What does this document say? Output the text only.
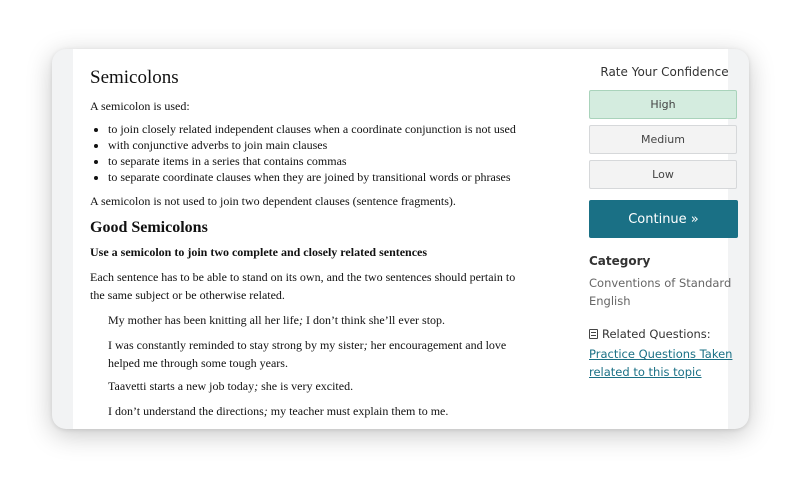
Semicolons

A semicolon is used:

• to join closely related independent clauses when a coordinate conjunction is not used
• with conjunctive adverbs to join main clauses
• to separate items in a series that contains commas
• to separate coordinate clauses when they are joined by transitional words or phrases

A semicolon is not used to join two dependent clauses (sentence fragments).

Good Semicolons
Use a semicolon to join two complete and closely related sentences

Each sentence has to be able to stand on its own, and the two sentences should pertain to the same subject or be otherwise related.

My mother has been knitting all her life; I don’t think she’ll ever stop.
I was constantly reminded to stay strong by my sister; her encouragement and love helped me through some tough years.
Taavetti starts a new job today; she is very excited.
I don’t understand the directions; my teacher must explain them to me.
Rate Your Confidence
High
Medium
Low
Continue »
Category
Conventions of Standard English
Related Questions:
Practice Questions Taken related to this topic
